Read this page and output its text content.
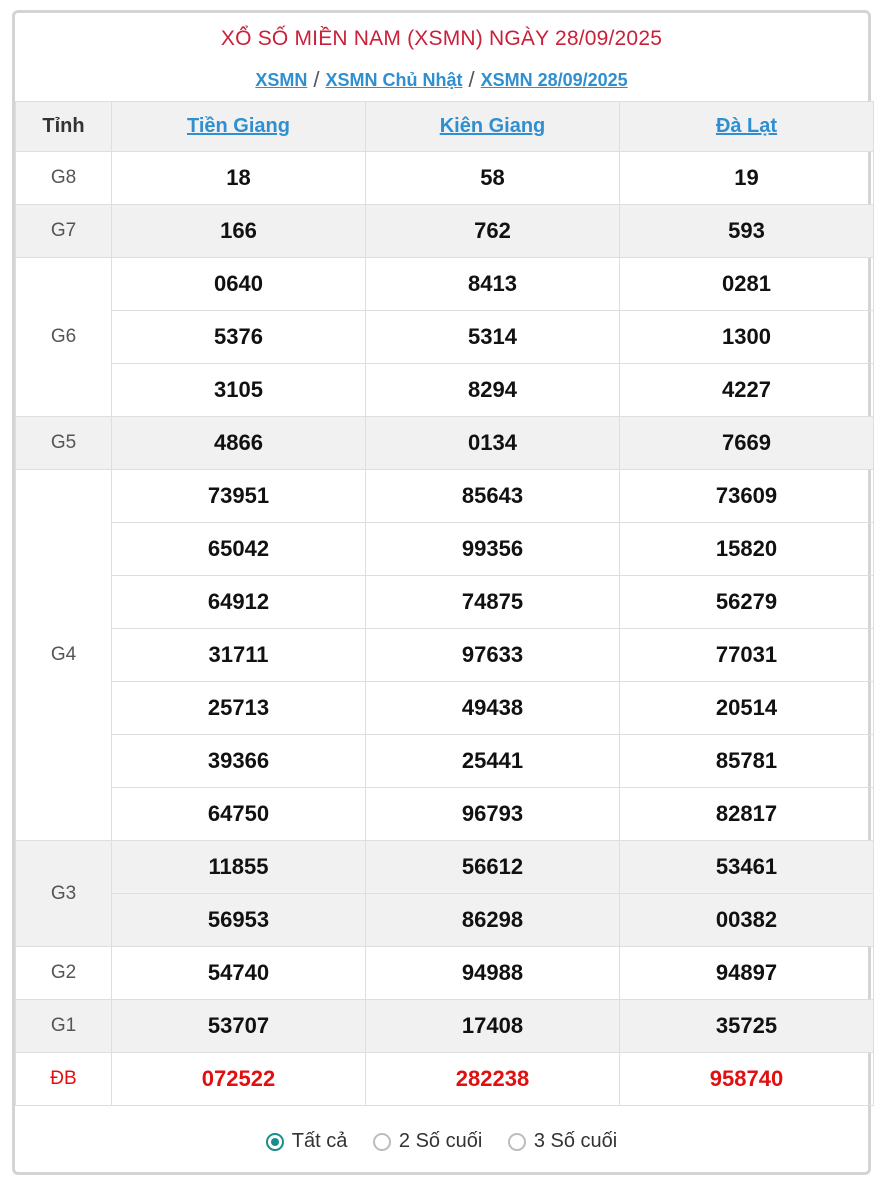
XỔ SỐ MIỀN NAM (XSMN) NGÀY 28/09/2025
XSMN / XSMN Chủ Nhật / XSMN 28/09/2025
Tỉnh	Tiền Giang	Kiên Giang	Đà Lạt
G8	18	58	19
G7	166	762	593
G6	0640	8413	0281
	5376	5314	1300
	3105	8294	4227
G5	4866	0134	7669
G4	73951	85643	73609
	65042	99356	15820
	64912	74875	56279
	31711	97633	77031
	25713	49438	20514
	39366	25441	85781
	64750	96793	82817
G3	11855	56612	53461
	56953	86298	00382
G2	54740	94988	94897
G1	53707	17408	35725
ĐB	072522	282238	958740
Tất cả
	2 Số cuối
	3 Số cuối
